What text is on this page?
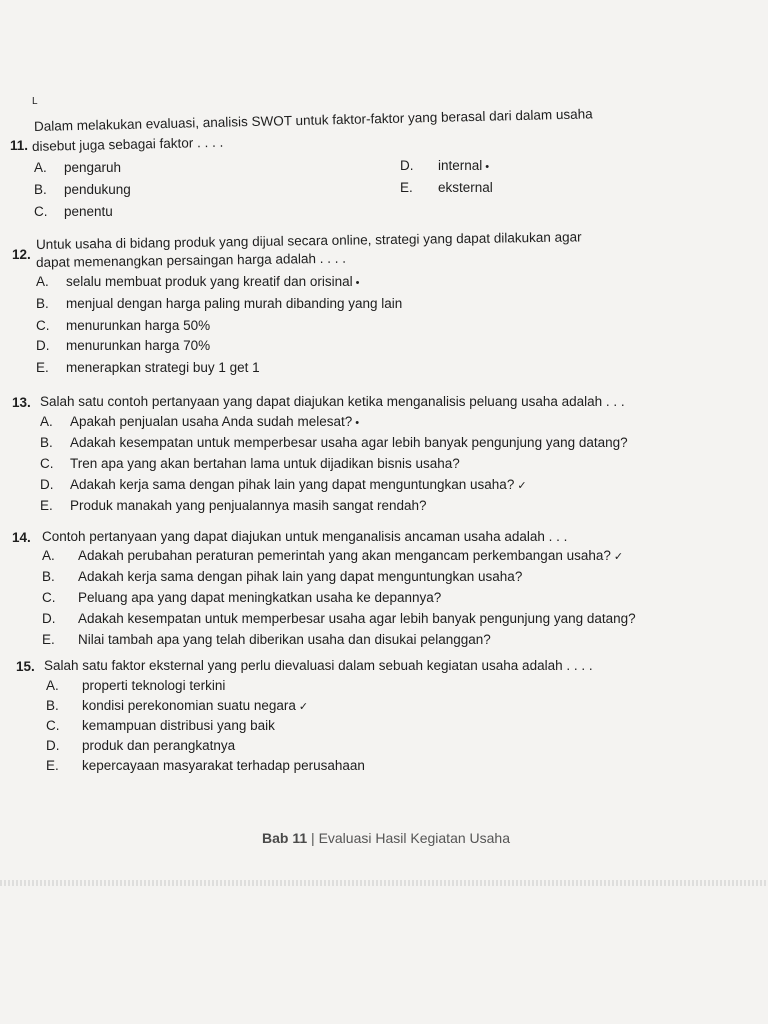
L
11.
Dalam melakukan evaluasi, analisis SWOT untuk faktor-faktor yang berasal dari dalam usaha
disebut juga sebagai faktor . . . .
A. pengaruh
B. pendukung
C. penentu
D. internal •
E. eksternal
12.
Untuk usaha di bidang produk yang dijual secara online, strategi yang dapat dilakukan agar
dapat memenangkan persaingan harga adalah . . . .
A. selalu membuat produk yang kreatif dan orisinal •
B. menjual dengan harga paling murah dibanding yang lain
C. menurunkan harga 50%
D. menurunkan harga 70%
E. menerapkan strategi buy 1 get 1
13. Salah satu contoh pertanyaan yang dapat diajukan ketika menganalisis peluang usaha adalah . . .
A. Apakah penjualan usaha Anda sudah melesat? •
B. Adakah kesempatan untuk memperbesar usaha agar lebih banyak pengunjung yang datang?
C. Tren apa yang akan bertahan lama untuk dijadikan bisnis usaha?
D. Adakah kerja sama dengan pihak lain yang dapat menguntungkan usaha? ✓
E. Produk manakah yang penjualannya masih sangat rendah?
14. Contoh pertanyaan yang dapat diajukan untuk menganalisis ancaman usaha adalah . . .
A. Adakah perubahan peraturan pemerintah yang akan mengancam perkembangan usaha? ✓
B. Adakah kerja sama dengan pihak lain yang dapat menguntungkan usaha?
C. Peluang apa yang dapat meningkatkan usaha ke depannya?
D. Adakah kesempatan untuk memperbesar usaha agar lebih banyak pengunjung yang datang?
E. Nilai tambah apa yang telah diberikan usaha dan disukai pelanggan?
15. Salah satu faktor eksternal yang perlu dievaluasi dalam sebuah kegiatan usaha adalah . . . .
A. properti teknologi terkini
B. kondisi perekonomian suatu negara ✓
C. kemampuan distribusi yang baik
D. produk dan perangkatnya
E. kepercayaan masyarakat terhadap perusahaan
Bab 11 | Evaluasi Hasil Kegiatan Usaha
